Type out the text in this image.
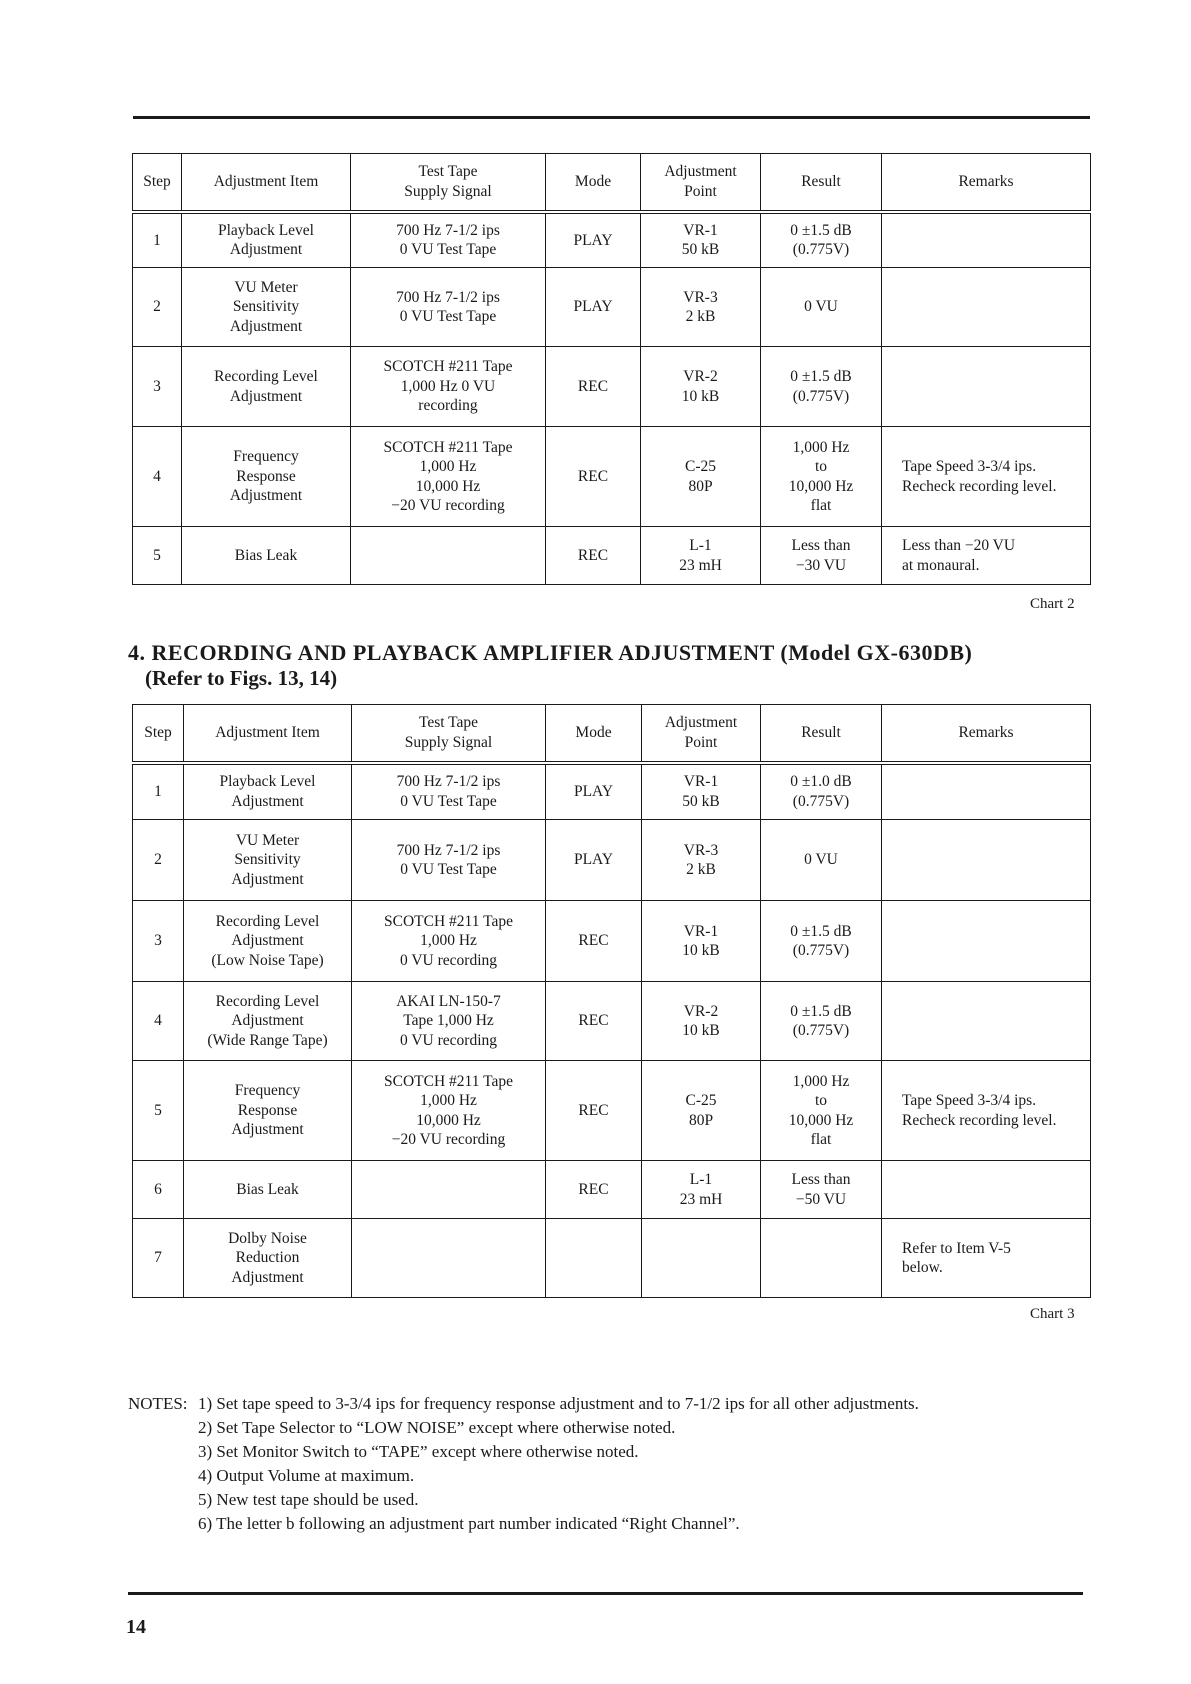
Step	Adjustment Item	Test Tape
Supply Signal	Mode	Adjustment
Point	Result	Remarks

1	Playback Level
Adjustment	700 Hz 7-1/2 ips
0 VU Test Tape	PLAY	VR-1
50 kB	0 ±1.5 dB
(0.775V)	

2	VU Meter
Sensitivity
Adjustment	700 Hz 7-1/2 ips
0 VU Test Tape	PLAY	VR-3
2 kB	0 VU	

3	Recording Level
Adjustment	SCOTCH #211 Tape
1,000 Hz 0 VU
recording	REC	VR-2
10 kB	0 ±1.5 dB
(0.775V)	

4	Frequency
Response
Adjustment	SCOTCH #211 Tape
1,000 Hz
10,000 Hz
−20 VU recording	REC	C-25
80P	1,000 Hz
to
10,000 Hz
flat	Tape Speed 3-3/4 ips.
Recheck recording level.

5	Bias Leak		REC	L-1
23 mH	Less than
−30 VU	Less than −20 VU
at monaural.
Chart 2
4. RECORDING AND PLAYBACK AMPLIFIER ADJUSTMENT (Model GX-630DB)
(Refer to Figs. 13, 14)
Step	Adjustment Item	Test Tape
Supply Signal	Mode	Adjustment
Point	Result	Remarks

1	Playback Level
Adjustment	700 Hz 7-1/2 ips
0 VU Test Tape	PLAY	VR-1
50 kB	0 ±1.0 dB
(0.775V)	

2	VU Meter
Sensitivity
Adjustment	700 Hz 7-1/2 ips
0 VU Test Tape	PLAY	VR-3
2 kB	0 VU	

3	Recording Level
Adjustment
(Low Noise Tape)	SCOTCH #211 Tape
1,000 Hz
0 VU recording	REC	VR-1
10 kB	0 ±1.5 dB
(0.775V)	

4	Recording Level
Adjustment
(Wide Range Tape)	AKAI LN-150-7
Tape 1,000 Hz
0 VU recording	REC	VR-2
10 kB	0 ±1.5 dB
(0.775V)	

5	Frequency
Response
Adjustment	SCOTCH #211 Tape
1,000 Hz
10,000 Hz
−20 VU recording	REC	C-25
80P	1,000 Hz
to
10,000 Hz
flat	Tape Speed 3-3/4 ips.
Recheck recording level.

6	Bias Leak		REC	L-1
23 mH	Less than
−50 VU	

7	Dolby Noise
Reduction
Adjustment					Refer to Item V-5
below.
Chart 3
NOTES: 1) Set tape speed to 3-3/4 ips for frequency response adjustment and to 7-1/2 ips for all other adjustments.
2) Set Tape Selector to “LOW NOISE” except where otherwise noted.
3) Set Monitor Switch to “TAPE” except where otherwise noted.
4) Output Volume at maximum.
5) New test tape should be used.
6) The letter b following an adjustment part number indicated “Right Channel”.
14
